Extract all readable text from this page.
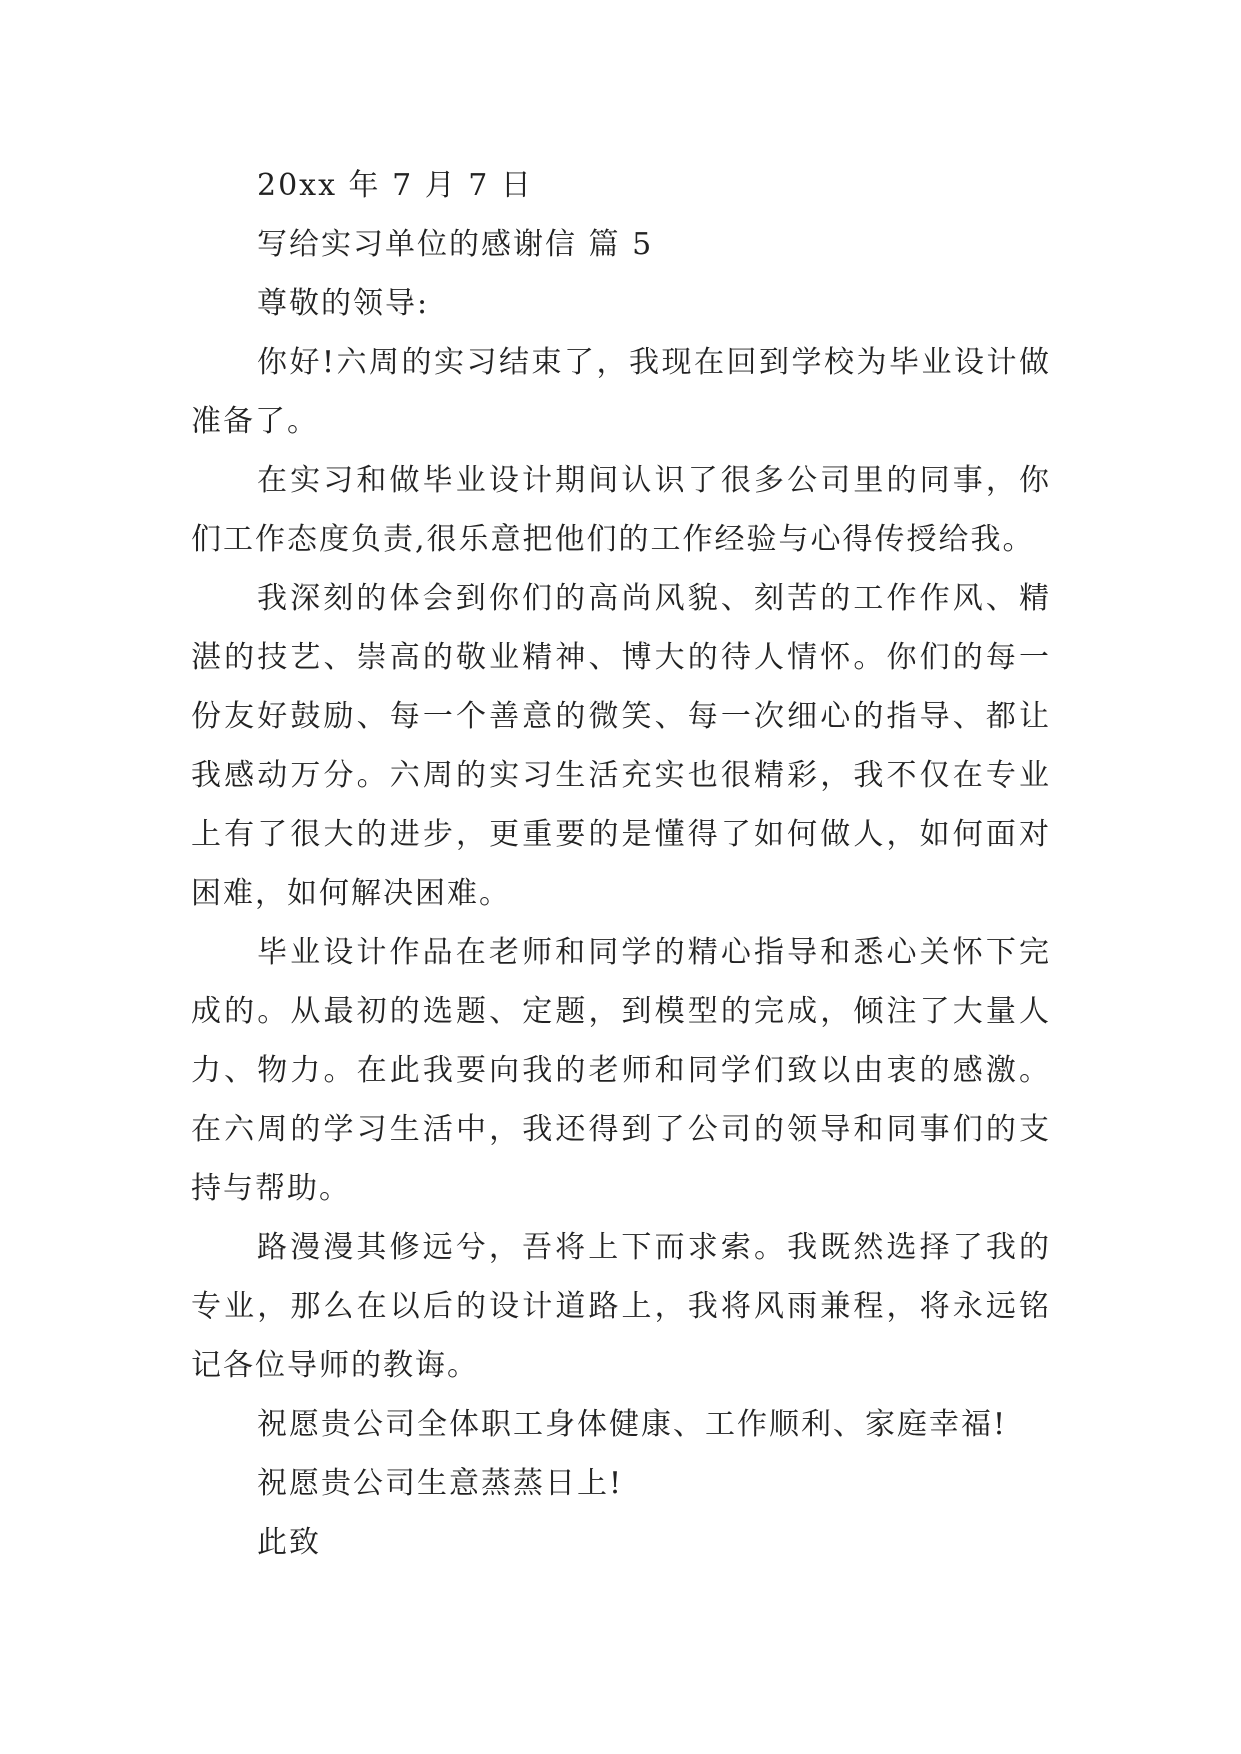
20xx 年 7 月 7 日

写给实习单位的感谢信 篇 5

尊敬的领导:

你好!六周的实习结束了，我现在回到学校为毕业设计做准备了。

在实习和做毕业设计期间认识了很多公司里的同事，你们工作态度负责,很乐意把他们的工作经验与心得传授给我。

我深刻的体会到你们的高尚风貌、刻苦的工作作风、精湛的技艺、崇高的敬业精神、博大的待人情怀。你们的每一份友好鼓励、每一个善意的微笑、每一次细心的指导、都让我感动万分。六周的实习生活充实也很精彩，我不仅在专业上有了很大的进步，更重要的是懂得了如何做人，如何面对困难，如何解决困难。

毕业设计作品在老师和同学的精心指导和悉心关怀下完成的。从最初的选题、定题，到模型的完成，倾注了大量人力、物力。在此我要向我的老师和同学们致以由衷的感激。在六周的学习生活中，我还得到了公司的领导和同事们的支持与帮助。

路漫漫其修远兮，吾将上下而求索。我既然选择了我的专业，那么在以后的设计道路上，我将风雨兼程，将永远铭记各位导师的教诲。

祝愿贵公司全体职工身体健康、工作顺利、家庭幸福!

祝愿贵公司生意蒸蒸日上!

此致
